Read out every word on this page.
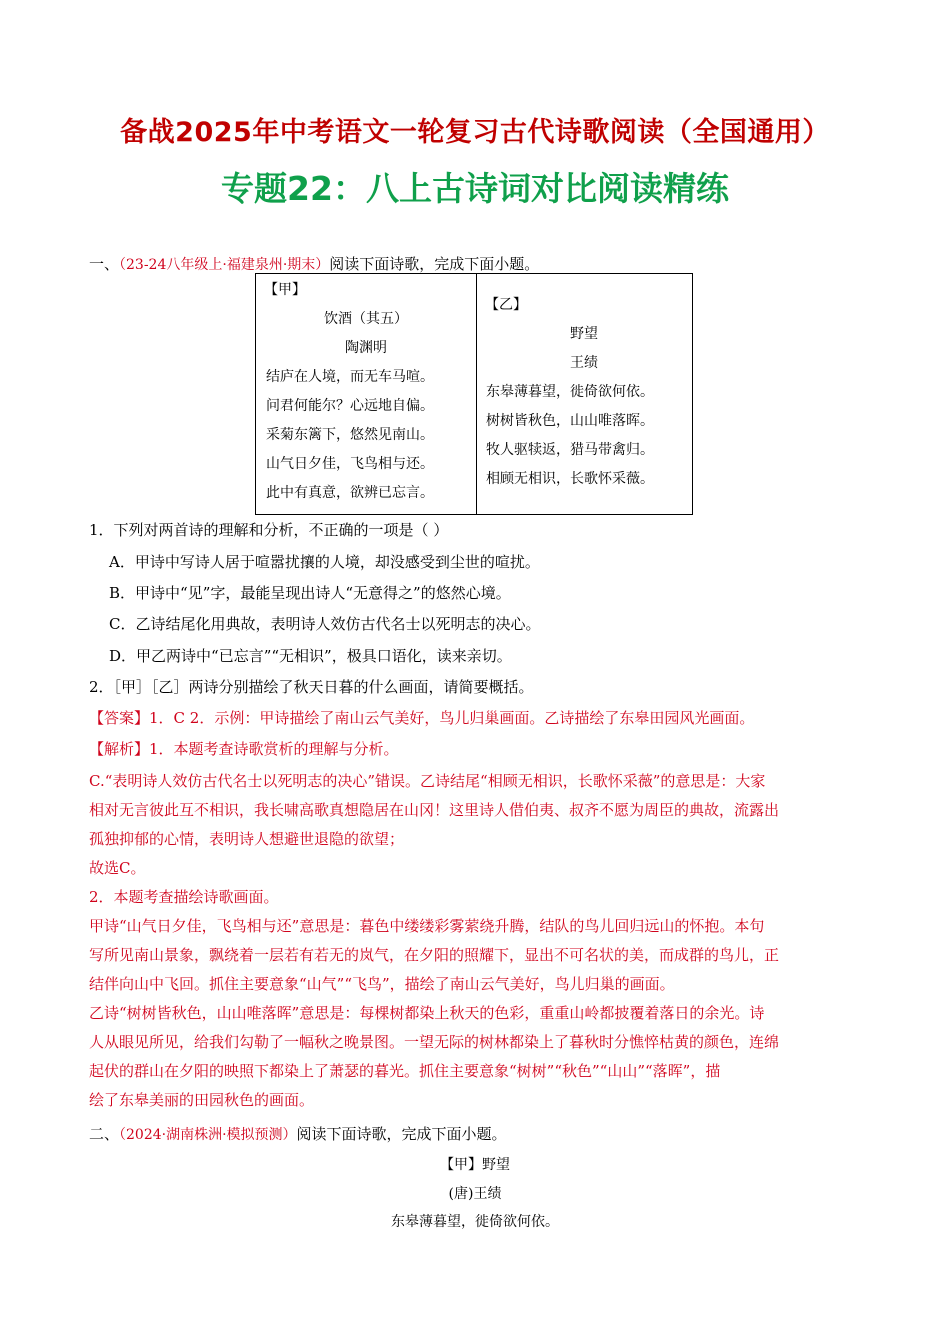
备战2025年中考语文一轮复习古代诗歌阅读（全国通用）
专题22：八上古诗词对比阅读精练
一、（23-24八年级上·福建泉州·期末）阅读下面诗歌，完成下面小题。
【甲】
饮酒（其五）
陶渊明
结庐在人境，而无车马喧。
问君何能尔？心远地自偏。
采菊东篱下，悠然见南山。
山气日夕佳，飞鸟相与还。
此中有真意，欲辨已忘言。
【乙】
野望
王绩
东皋薄暮望，徙倚欲何依。
树树皆秋色，山山唯落晖。
牧人驱犊返，猎马带禽归。
相顾无相识，长歌怀采薇。
1．下列对两首诗的理解和分析，不正确的一项是（ ）
A．甲诗中写诗人居于喧嚣扰攘的人境，却没感受到尘世的喧扰。
B．甲诗中“见”字，最能呈现出诗人“无意得之”的悠然心境。
C．乙诗结尾化用典故，表明诗人效仿古代名士以死明志的决心。
D．甲乙两诗中“已忘言”“无相识”，极具口语化，读来亲切。
2．［甲］［乙］两诗分别描绘了秋天日暮的什么画面，请简要概括。
【答案】1．C 2．示例：甲诗描绘了南山云气美好，鸟儿归巢画面。乙诗描绘了东皋田园风光画面。
【解析】1．本题考查诗歌赏析的理解与分析。
C.“表明诗人效仿古代名士以死明志的决心”错误。乙诗结尾“相顾无相识，长歌怀采薇”的意思是：大家
相对无言彼此互不相识，我长啸高歌真想隐居在山冈！这里诗人借伯夷、叔齐不愿为周臣的典故，流露出
孤独抑郁的心情，表明诗人想避世退隐的欲望；
故选C。
2．本题考查描绘诗歌画面。
甲诗“山气日夕佳，飞鸟相与还”意思是：暮色中缕缕彩雾萦绕升腾，结队的鸟儿回归远山的怀抱。本句
写所见南山景象，飘绕着一层若有若无的岚气，在夕阳的照耀下，显出不可名状的美，而成群的鸟儿，正
结伴向山中飞回。抓住主要意象“山气”“飞鸟”，描绘了南山云气美好，鸟儿归巢的画面。
乙诗“树树皆秋色，山山唯落晖”意思是：每棵树都染上秋天的色彩，重重山岭都披覆着落日的余光。诗
人从眼见所见，给我们勾勒了一幅秋之晚景图。一望无际的树林都染上了暮秋时分憔悴枯黄的颜色，连绵
起伏的群山在夕阳的映照下都染上了萧瑟的暮光。抓住主要意象“树树”“秋色”“山山”“落晖”，描
绘了东皋美丽的田园秋色的画面。
二、（2024·湖南株洲·模拟预测）阅读下面诗歌，完成下面小题。
【甲】野望
(唐)王绩
东皋薄暮望，徙倚欲何依。
